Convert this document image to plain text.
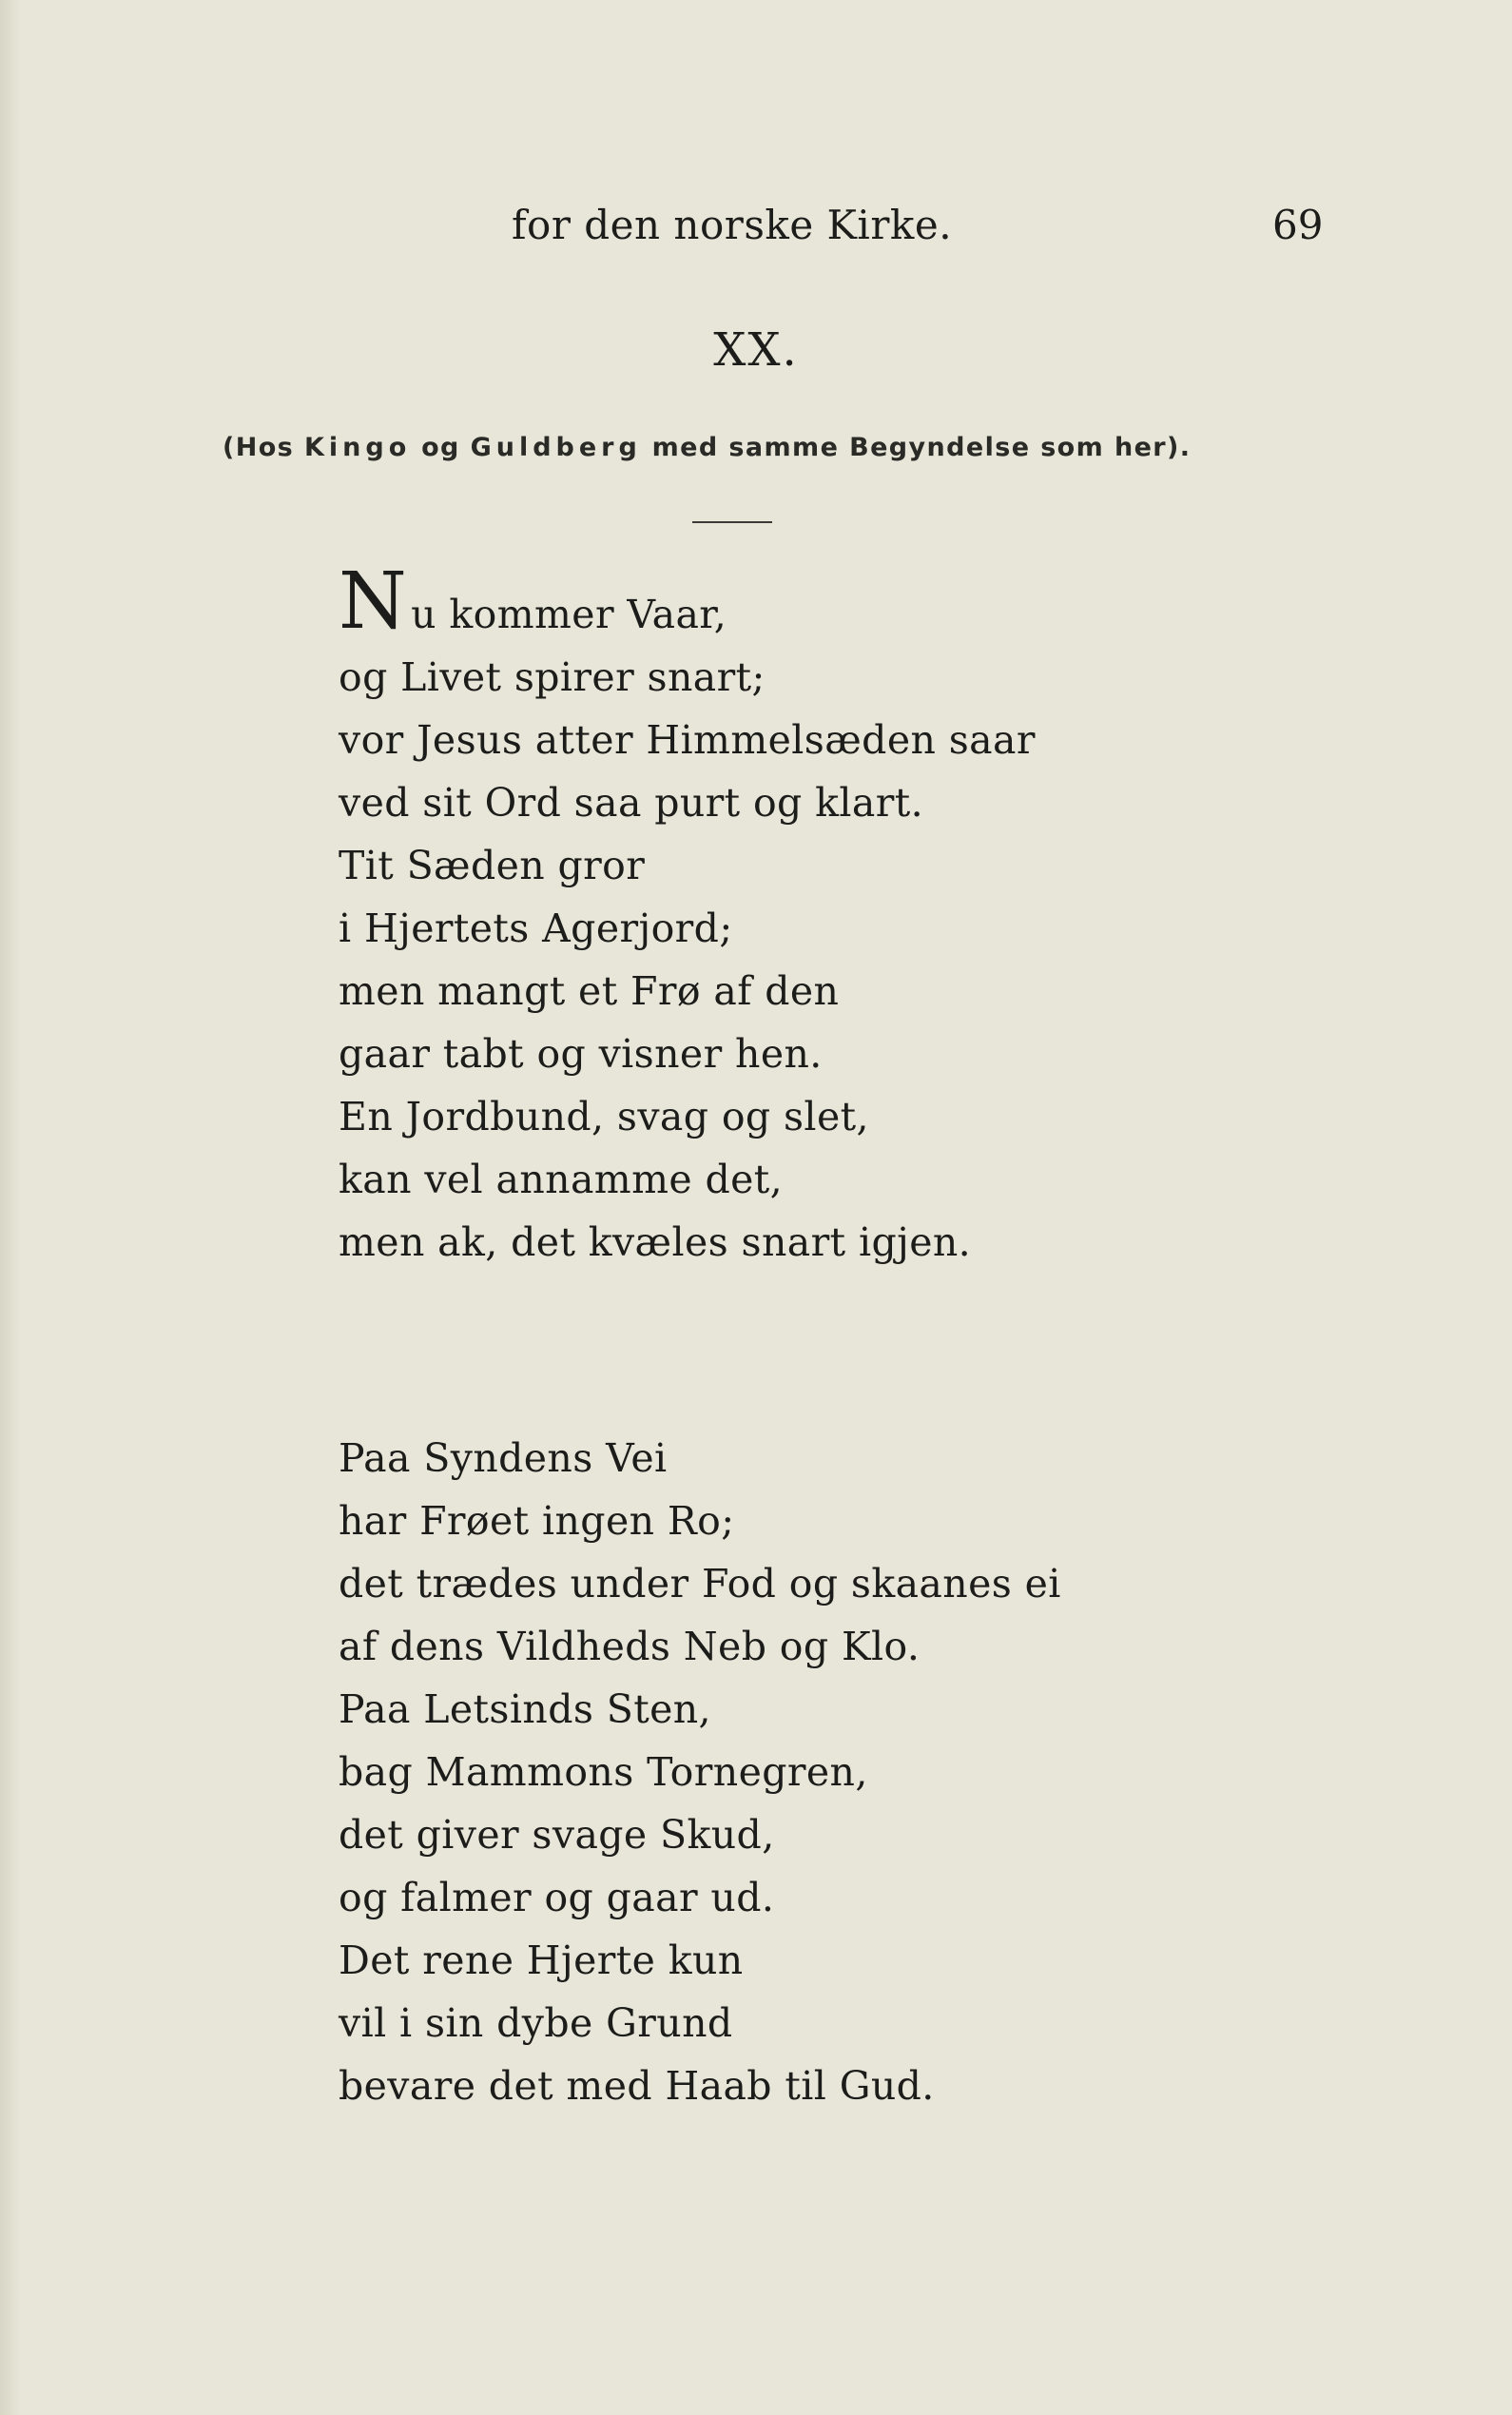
for den norske Kirke.	69
XX.
(Hos Kingo og Guldberg med samme Begyndelse som her).
Nu kommer Vaar,
og Livet spirer snart;
vor Jesus atter Himmelsæden saar
ved sit Ord saa purt og klart.
Tit Sæden gror
i Hjertets Agerjord;
men mangt et Frø af den
gaar tabt og visner hen.
En Jordbund, svag og slet,
kan vel annamme det,
men ak, det kvæles snart igjen.
Paa Syndens Vei
har Frøet ingen Ro;
det trædes under Fod og skaanes ei
af dens Vildheds Neb og Klo.
Paa Letsinds Sten,
bag Mammons Tornegren,
det giver svage Skud,
og falmer og gaar ud.
Det rene Hjerte kun
vil i sin dybe Grund
bevare det med Haab til Gud.
